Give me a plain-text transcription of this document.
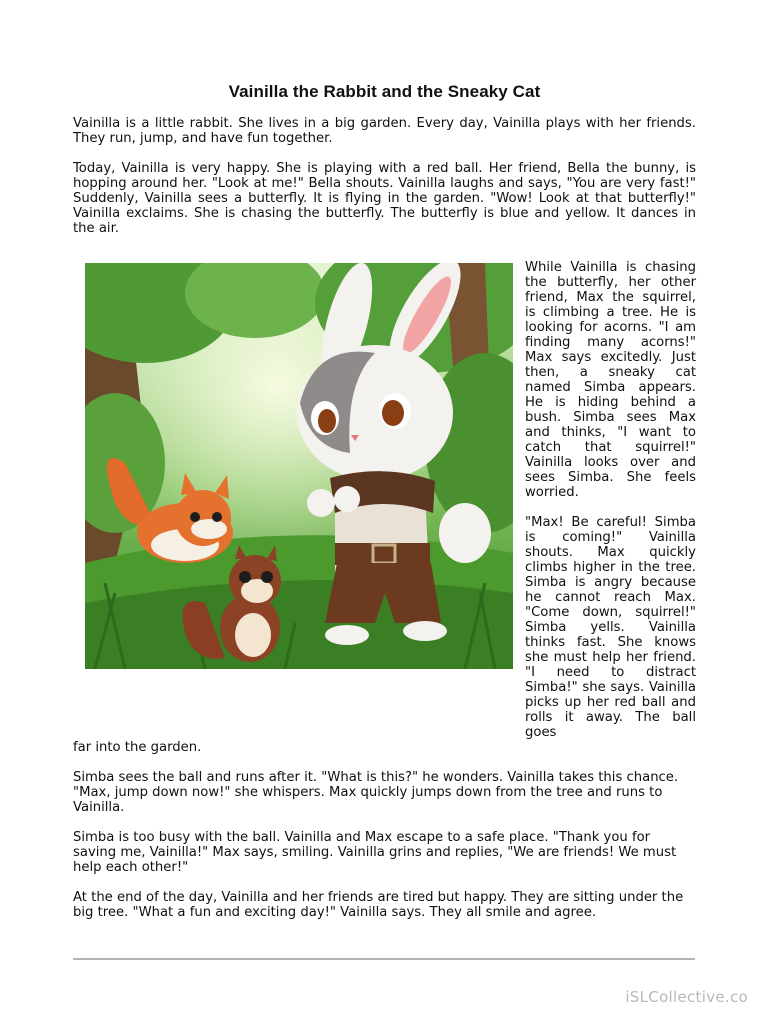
Vainilla the Rabbit and the Sneaky Cat

Vainilla is a little rabbit. She lives in a big garden. Every day, Vainilla plays with her friends. They run, jump, and have fun together.

Today, Vainilla is very happy. She is playing with a red ball. Her friend, Bella the bunny, is hopping around her. "Look at me!" Bella shouts. Vainilla laughs and says, "You are very fast!" Suddenly, Vainilla sees a butterfly. It is flying in the garden. "Wow! Look at that butterfly!" Vainilla exclaims. She is chasing the butterfly. The butterfly is blue and yellow. It dances in the air.

While Vainilla is chasing the butterfly, her other friend, Max the squirrel, is climbing a tree. He is looking for acorns. "I am finding many acorns!" Max says excitedly. Just then, a sneaky cat named Simba appears. He is hiding behind a bush. Simba sees Max and thinks, "I want to catch that squirrel!" Vainilla looks over and sees Simba. She feels worried.

"Max! Be careful! Simba is coming!" Vainilla shouts. Max quickly climbs higher in the tree. Simba is angry because he cannot reach Max. "Come down, squirrel!" Simba yells. Vainilla thinks fast. She knows she must help her friend. "I need to distract Simba!" she says. Vainilla picks up her red ball and rolls it away. The ball goes

far into the garden.

Simba sees the ball and runs after it. "What is this?" he wonders. Vainilla takes this chance. "Max, jump down now!" she whispers. Max quickly jumps down from the tree and runs to Vainilla.

Simba is too busy with the ball. Vainilla and Max escape to a safe place. "Thank you for saving me, Vainilla!" Max says, smiling. Vainilla grins and replies, "We are friends! We must help each other!"

At the end of the day, Vainilla and her friends are tired but happy. They are sitting under the big tree. "What a fun and exciting day!" Vainilla says. They all smile and agree.

iSLCollective.co
